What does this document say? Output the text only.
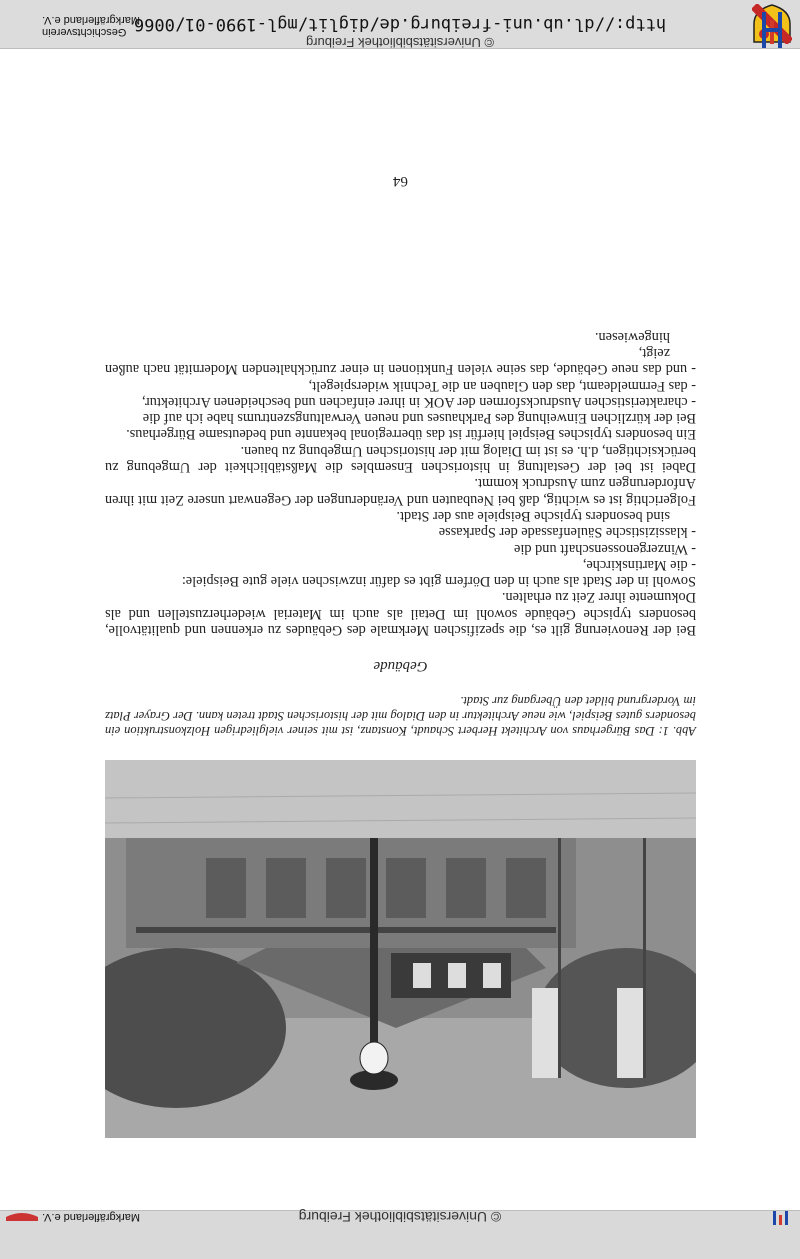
© Universitätsbibliothek Freiburg
Markgräflerland e.V.
Abb. 1: Das Bürgerhaus von Architekt Herbert Schaudt, Konstanz, ist mit seiner vielgliedrigen Holzkonstruktion ein besonders gutes Beispiel, wie neue Architektur in den Dialog mit der historischen Stadt treten kann. Der Grayer Platz im Vordergrund bildet den Übergang zur Stadt.
Gebäude

Bei der Renovierung gilt es, die spezifischen Merkmale des Gebäudes zu erkennen und qualitätvolle, besonders typische Gebäude sowohl im Detail als auch im Material wiederherzustellen und als Dokumente ihrer Zeit zu erhalten.

Sowohl in der Stadt als auch in den Dörfern gibt es dafür inzwischen viele gute Beispiele:

- die Martinskirche,

- Winzergenossenschaft und die

- klassizistische Säulenfassade der Sparkasse

sind besonders typische Beispiele aus der Stadt.

Folgerichtig ist es wichtig, daß bei Neubauten und Veränderungen der Gegenwart unsere Zeit mit ihren Anforderungen zum Ausdruck kommt.

Dabei ist bei der Gestaltung in historischen Ensembles die Maßstäblichkeit der Umgebung zu berücksichtigen, d.h. es ist im Dialog mit der historischen Umgebung zu bauen.

Ein besonders typisches Beispiel hierfür ist das überregional bekannte und bedeutsame Bürgerhaus.

Bei der kürzlichen Einweihung des Parkhauses und neuen Verwaltungszentrums habe ich auf die

- charakteristischen Ausdrucksformen der AOK in ihrer einfachen und bescheidenen Architektur,

- das Fernmeldeamt, das den Glauben an die Technik widerspiegelt,

- und das neue Gebäude, das seine vielen Funktionen in einer zurückhaltenden Modernität nach außen zeigt,

hingewiesen.

64
© Universitätsbibliothek Freiburg
http://dl.ub.uni-freiburg.de/diglit/mgl-1990-01/0066
Geschichtsverein
Markgräflerland e.V.
